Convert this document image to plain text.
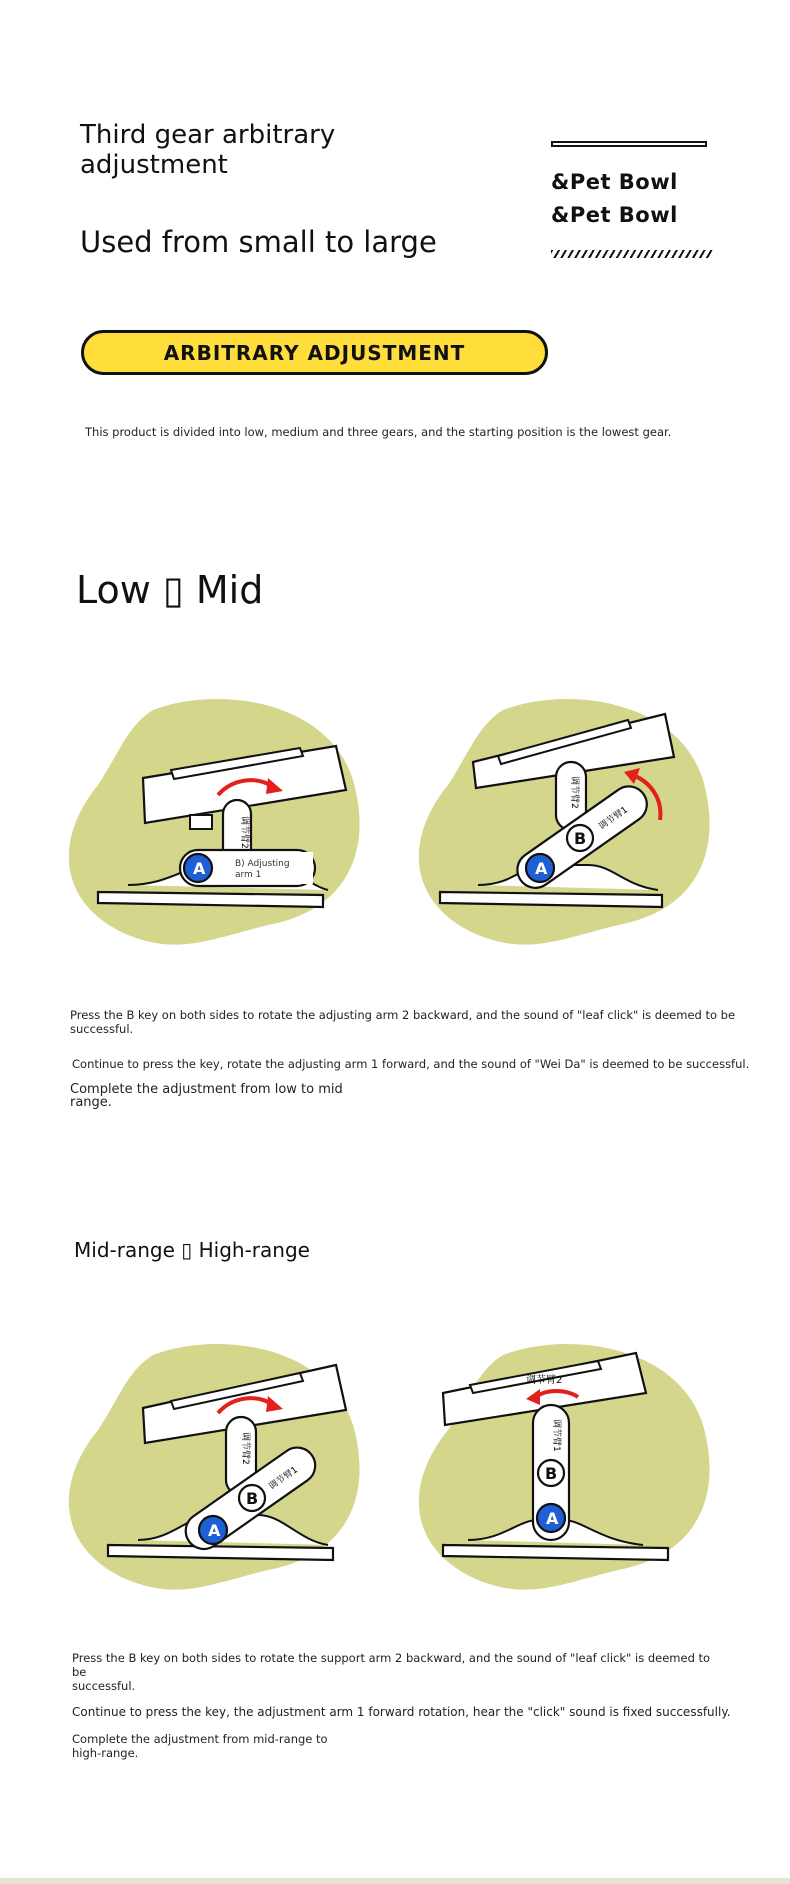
Third gear arbitrary
adjustment
Used from small to large
&Pet Bowl
&Pet Bowl
ARBITRARY ADJUSTMENT
This product is divided into low, medium and three gears, and the starting position is the lowest gear.
Low ▯ Mid
调节臂2
A	B) Adjusting
arm 1
调节臂2
调节臂1
A
B
Press the B key on both sides to rotate the adjusting arm 2 backward, and the sound of "leaf click" is deemed to be successful.
Continue to press the key, rotate the adjusting arm 1 forward, and the sound of "Wei Da" is deemed to be successful.
Complete the adjustment from low to mid
range.
Mid-range ▯ High-range
调节臂2
调节臂1
A
B
调节臂2
调节臂1
B
A
Press the B key on both sides to rotate the support arm 2 backward, and the sound of "leaf click" is deemed to be
successful.
Continue to press the key, the adjustment arm 1 forward rotation, hear the "click" sound is fixed successfully.
Complete the adjustment from mid-range to
high-range.
